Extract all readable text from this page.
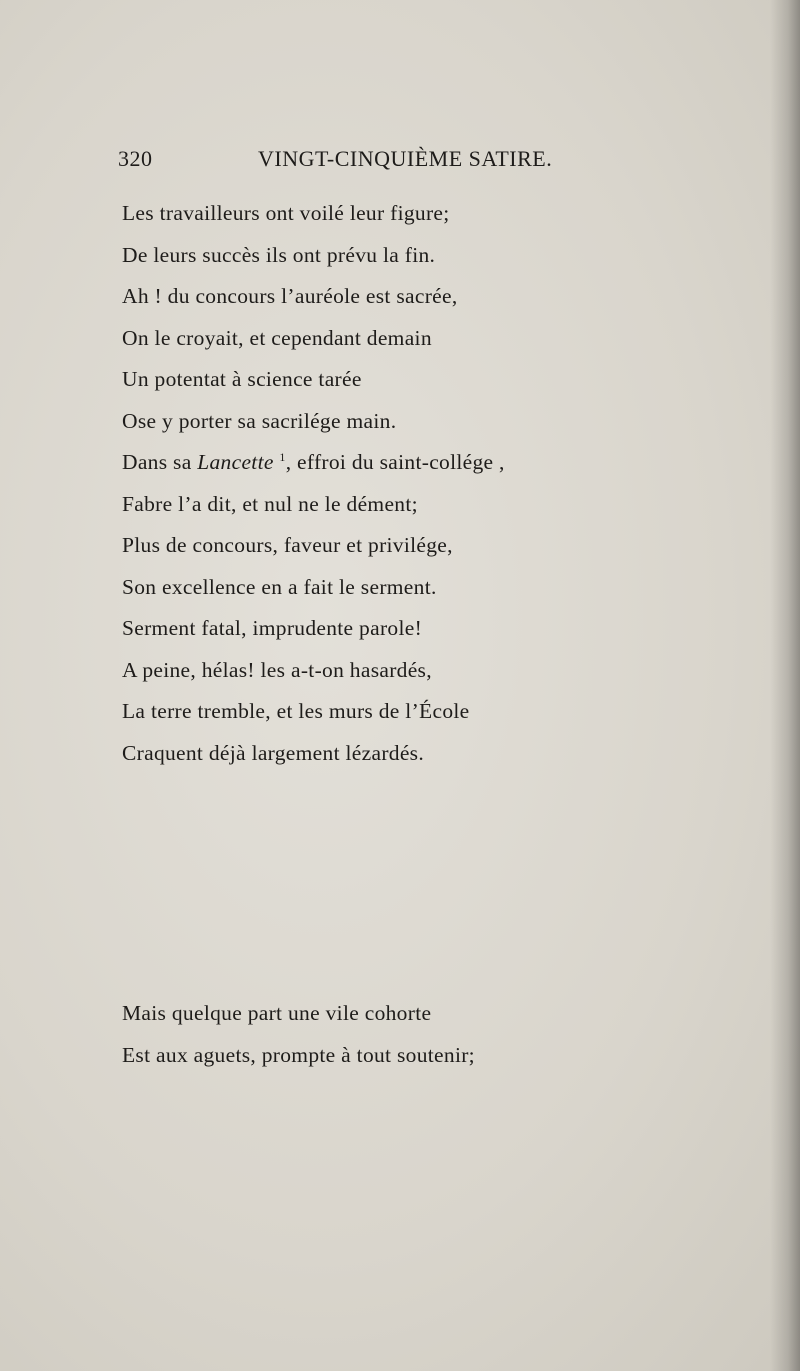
320	VINGT-CINQUIÈME SATIRE.
Les travailleurs ont voilé leur figure;
De leurs succès ils ont prévu la fin.
Ah ! du concours l’auréole est sacrée,
On le croyait, et cependant demain
Un potentat à science tarée
Ose y porter sa sacrilége main.
Dans sa Lancette $^1$, effroi du saint-collége ,
Fabre l’a dit, et nul ne le dément;
Plus de concours, faveur et privilége,
Son excellence en a fait le serment.
Serment fatal, imprudente parole!
A peine, hélas! les a-t-on hasardés,
La terre tremble, et les murs de l’École
Craquent déjà largement lézardés.
Mais quelque part une vile cohorte
Est aux aguets, prompte à tout soutenir;
